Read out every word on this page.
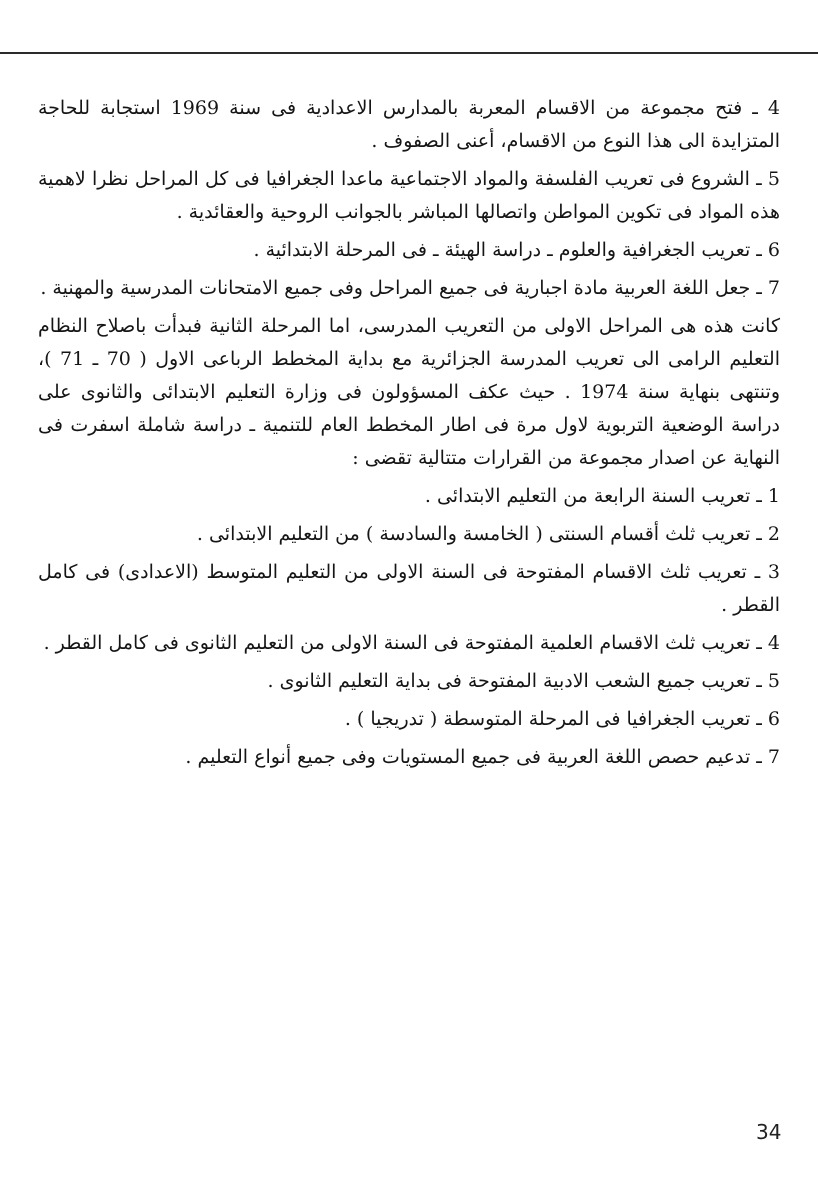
4 ـ فتح مجموعة من الاقسام المعربة بالمدارس الاعدادية فى سنة 1969 استجابة للحاجة المتزايدة الى هذا النوع من الاقسام، أعنى الصفوف .

5 ـ الشروع فى تعريب الفلسفة والمواد الاجتماعية ماعدا الجغرافيا فى كل المراحل نظرا لاهمية هذه المواد فى تكوين المواطن واتصالها المباشر بالجوانب الروحية والعقائدية .

6 ـ تعريب الجغرافية والعلوم ـ دراسة الهيئة ـ فى المرحلة الابتدائية .

7 ـ جعل اللغة العربية مادة اجبارية فى جميع المراحل وفى جميع الامتحانات المدرسية والمهنية .

كانت هذه هى المراحل الاولى من التعريب المدرسى، اما المرحلة الثانية فبدأت باصلاح النظام التعليم الرامى الى تعريب المدرسة الجزائرية مع بداية المخطط الرباعى الاول ( 70 ـ 71 )، وتنتهى بنهاية سنة 1974 . حيث عكف المسؤولون فى وزارة التعليم الابتدائى والثانوى على دراسة الوضعية التربوية لاول مرة فى اطار المخطط العام للتنمية ـ دراسة شاملة اسفرت فى النهاية عن اصدار مجموعة من القرارات متتالية تقضى :

1 ـ تعريب السنة الرابعة من التعليم الابتدائى .

2 ـ تعريب ثلث أقسام السنتى ( الخامسة والسادسة ) من التعليم الابتدائى .

3 ـ تعريب ثلث الاقسام المفتوحة فى السنة الاولى من التعليم المتوسط (الاعدادى) فى كامل القطر .

4 ـ تعريب ثلث الاقسام العلمية المفتوحة فى السنة الاولى من التعليم الثانوى فى كامل القطر .

5 ـ تعريب جميع الشعب الادبية المفتوحة فى بداية التعليم الثانوى .

6 ـ تعريب الجغرافيا فى المرحلة المتوسطة ( تدريجيا ) .

7 ـ تدعيم حصص اللغة العربية فى جميع المستويات وفى جميع أنواع التعليم .

34
